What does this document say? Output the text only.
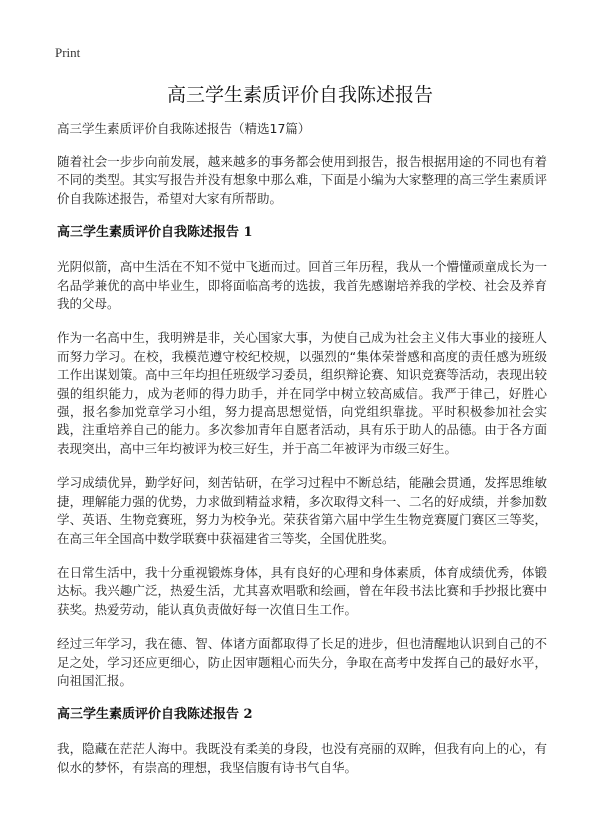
Print
高三学生素质评价自我陈述报告
高三学生素质评价自我陈述报告（精选17篇）

随着社会一步步向前发展，越来越多的事务都会使用到报告，报告根据用途的不同也有着不同的类型。其实写报告并没有想象中那么难，下面是小编为大家整理的高三学生素质评价自我陈述报告，希望对大家有所帮助。

高三学生素质评价自我陈述报告 1

光阴似箭，高中生活在不知不觉中飞逝而过。回首三年历程，我从一个懵懂顽童成长为一名品学兼优的高中毕业生，即将面临高考的选拔，我首先感谢培养我的学校、社会及养育我的父母。

作为一名高中生，我明辨是非，关心国家大事，为使自己成为社会主义伟大事业的接班人而努力学习。在校，我模范遵守校纪校规，以强烈的“集体荣誉感和高度的责任感为班级工作出谋划策。高中三年均担任班级学习委员，组织辩论赛、知识竞赛等活动，表现出较强的组织能力，成为老师的得力助手，并在同学中树立较高威信。我严于律己，好胜心强，报名参加党章学习小组，努力提高思想觉悟，向党组织靠拢。平时积极参加社会实践，注重培养自己的能力。多次参加青年自愿者活动，具有乐于助人的品德。由于各方面表现突出，高中三年均被评为校三好生，并于高二年被评为市级三好生。

学习成绩优异，勤学好问，刻苦钻研，在学习过程中不断总结，能融会贯通，发挥思维敏捷，理解能力强的优势，力求做到精益求精，多次取得文科一、二名的好成绩，并参加数学、英语、生物竞赛班，努力为校争光。荣获省第六届中学生生物竞赛厦门赛区三等奖，在高三年全国高中数学联赛中获福建省三等奖，全国优胜奖。

在日常生活中，我十分重视锻炼身体，具有良好的心理和身体素质，体育成绩优秀，体锻达标。我兴趣广泛，热爱生活，尤其喜欢唱歌和绘画，曾在年段书法比赛和手抄报比赛中获奖。热爱劳动，能认真负责做好每一次值日生工作。

经过三年学习，我在德、智、体诸方面都取得了长足的进步，但也清醒地认识到自己的不足之处，学习还应更细心，防止因审题粗心而失分，争取在高考中发挥自己的最好水平，向祖国汇报。

高三学生素质评价自我陈述报告 2

我，隐藏在茫茫人海中。我既没有柔美的身段，也没有亮丽的双眸，但我有向上的心，有似水的梦怀，有崇高的理想，我坚信腹有诗书气自华。
